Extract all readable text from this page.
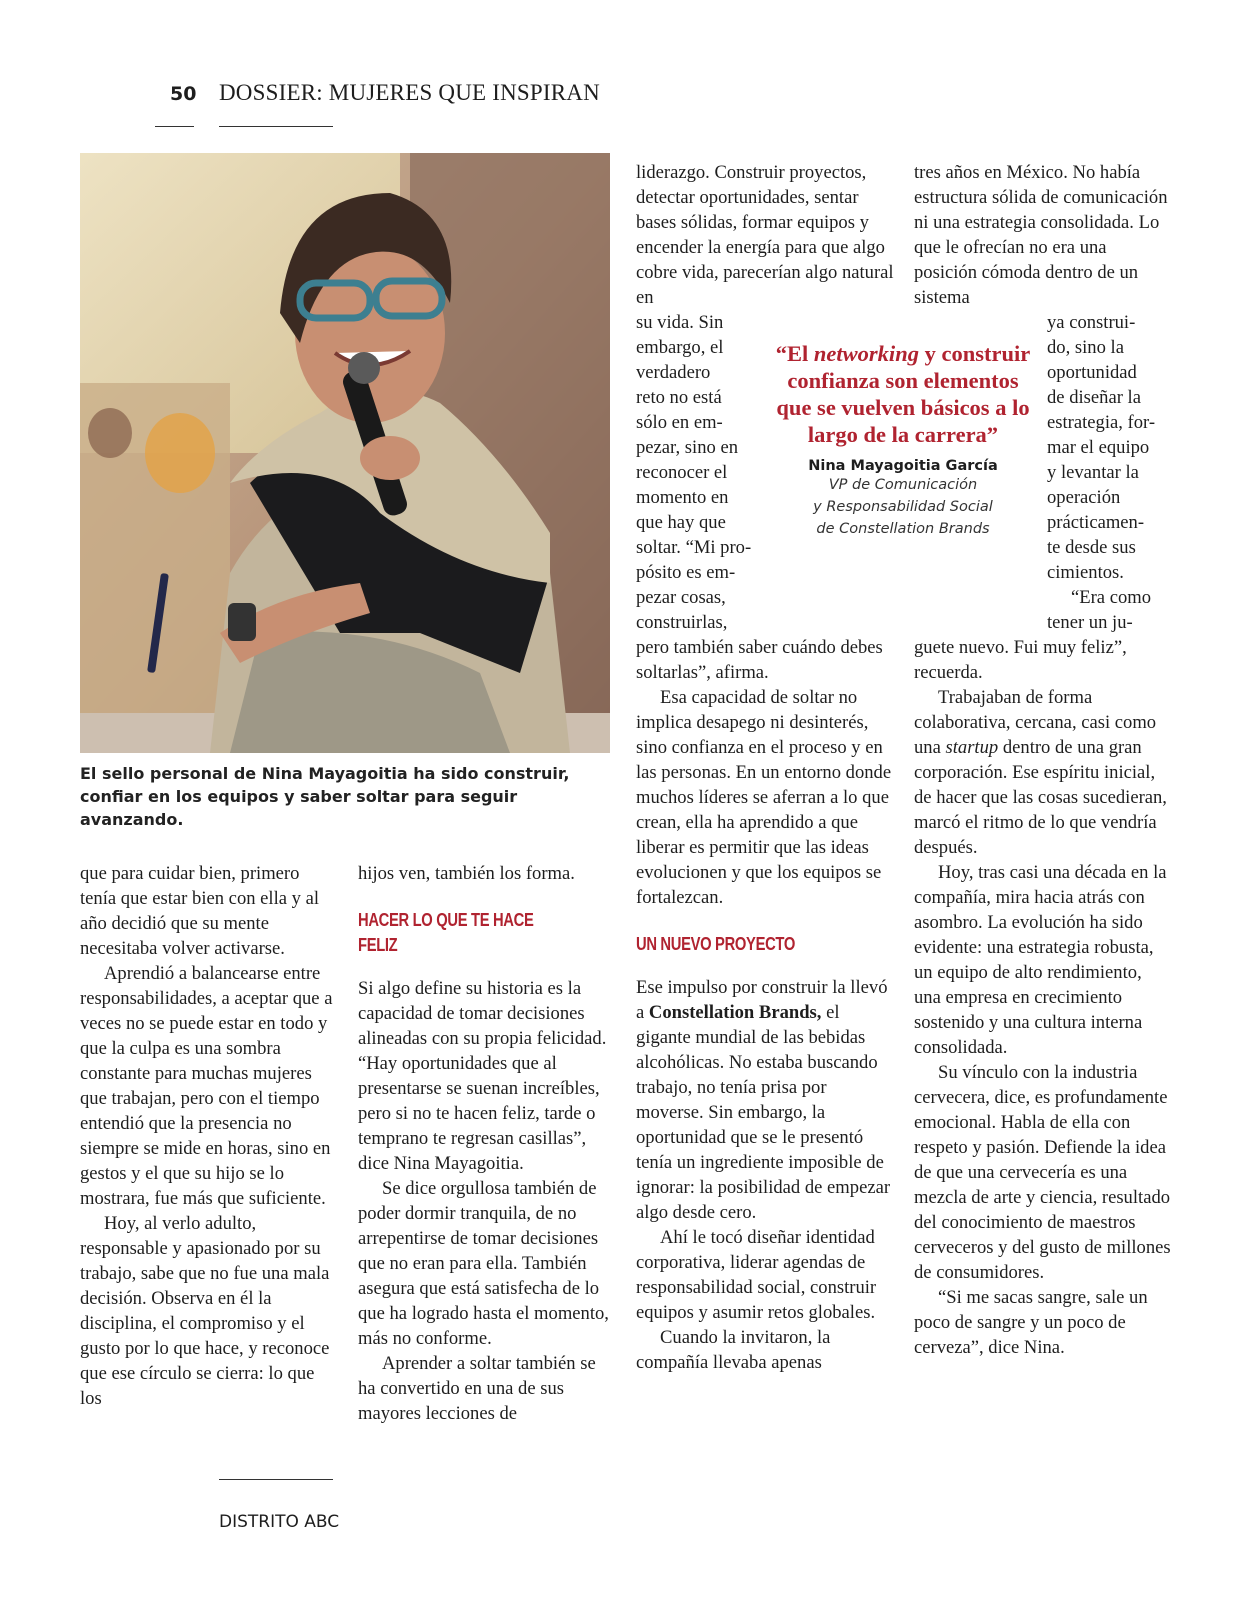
50 DOSSIER: MUJERES QUE INSPIRAN
El sello personal de Nina Mayagoitia ha sido construir, confiar en los equipos y saber soltar para seguir avanzando.

que para cuidar bien, primero tenía que estar bien con ella y al año decidió que su mente necesitaba volver activarse.

Aprendió a balancearse entre responsabilidades, a aceptar que a veces no se puede estar en todo y que la culpa es una sombra constante para muchas mujeres que trabajan, pero con el tiempo entendió que la presencia no siempre se mide en horas, sino en gestos y el que su hijo se lo mostrara, fue más que suficiente.

Hoy, al verlo adulto, responsable y apasionado por su trabajo, sabe que no fue una mala decisión. Observa en él la disciplina, el compromiso y el gusto por lo que hace, y reconoce que ese círculo se cierra: lo que los

hijos ven, también los forma.

HACER LO QUE TE HACE FELIZ

Si algo define su historia es la capacidad de tomar decisiones alineadas con su propia felicidad. “Hay oportunidades que al presentarse se suenan increíbles, pero si no te hacen feliz, tarde o temprano te regresan casillas”, dice Nina Mayagoitia.

Se dice orgullosa también de poder dormir tranquila, de no arrepentirse de tomar decisiones que no eran para ella. También asegura que está satisfecha de lo que ha logrado hasta el momento, más no conforme.

Aprender a soltar también se ha convertido en una de sus mayores lecciones de

liderazgo. Construir proyectos, detectar oportunidades, sentar bases sólidas, formar equipos y encender la energía para que algo cobre vida, parecerían algo natural en

su vida. Sin
embargo, el
verdadero
reto no está
sólo en em-
pezar, sino en
reconocer el
momento en
que hay que
soltar. “Mi pro-
pósito es em-
pezar cosas,
construirlas,

pero también saber cuándo debes soltarlas”, afirma.

Esa capacidad de soltar no implica desapego ni desinterés, sino confianza en el proceso y en las personas. En un entorno donde muchos líderes se aferran a lo que crean, ella ha aprendido a que liberar es permitir que las ideas evolucionen y que los equipos se fortalezcan.

UN NUEVO PROYECTO

Ese impulso por construir la llevó a Constellation Brands, el gigante mundial de las bebidas alcohólicas. No estaba buscando trabajo, no tenía prisa por moverse. Sin embargo, la oportunidad que se le presentó tenía un ingrediente imposible de ignorar: la posibilidad de empezar algo desde cero.

Ahí le tocó diseñar identidad corporativa, liderar agendas de responsabilidad social, construir equipos y asumir retos globales.

Cuando la invitaron, la compañía llevaba apenas

“El networking y construir confianza son elementos que se vuelven básicos a lo largo de la carrera”
Nina Mayagoitia García
VP de Comunicación
y Responsabilidad Social
de Constellation Brands

tres años en México. No había estructura sólida de comunicación ni una estrategia consolidada. Lo que le ofrecían no era una posición cómoda dentro de un sistema

ya construi-
do, sino la
oportunidad
de diseñar la
estrategia, for-
mar el equipo
y levantar la
operación
prácticamen-
te desde sus
cimientos.
“Era como
tener un ju-

guete nuevo. Fui muy feliz”, recuerda.

Trabajaban de forma colaborativa, cercana, casi como una startup dentro de una gran corporación. Ese espíritu inicial, de hacer que las cosas sucedieran, marcó el ritmo de lo que vendría después.

Hoy, tras casi una década en la compañía, mira hacia atrás con asombro. La evolución ha sido evidente: una estrategia robusta, un equipo de alto rendimiento, una empresa en crecimiento sostenido y una cultura interna consolidada.

Su vínculo con la industria cervecera, dice, es profundamente emocional. Habla de ella con respeto y pasión. Defiende la idea de que una cervecería es una mezcla de arte y ciencia, resultado del conocimiento de maestros cerveceros y del gusto de millones de consumidores.

“Si me sacas sangre, sale un poco de sangre y un poco de cerveza”, dice Nina.

DISTRITO ABC
